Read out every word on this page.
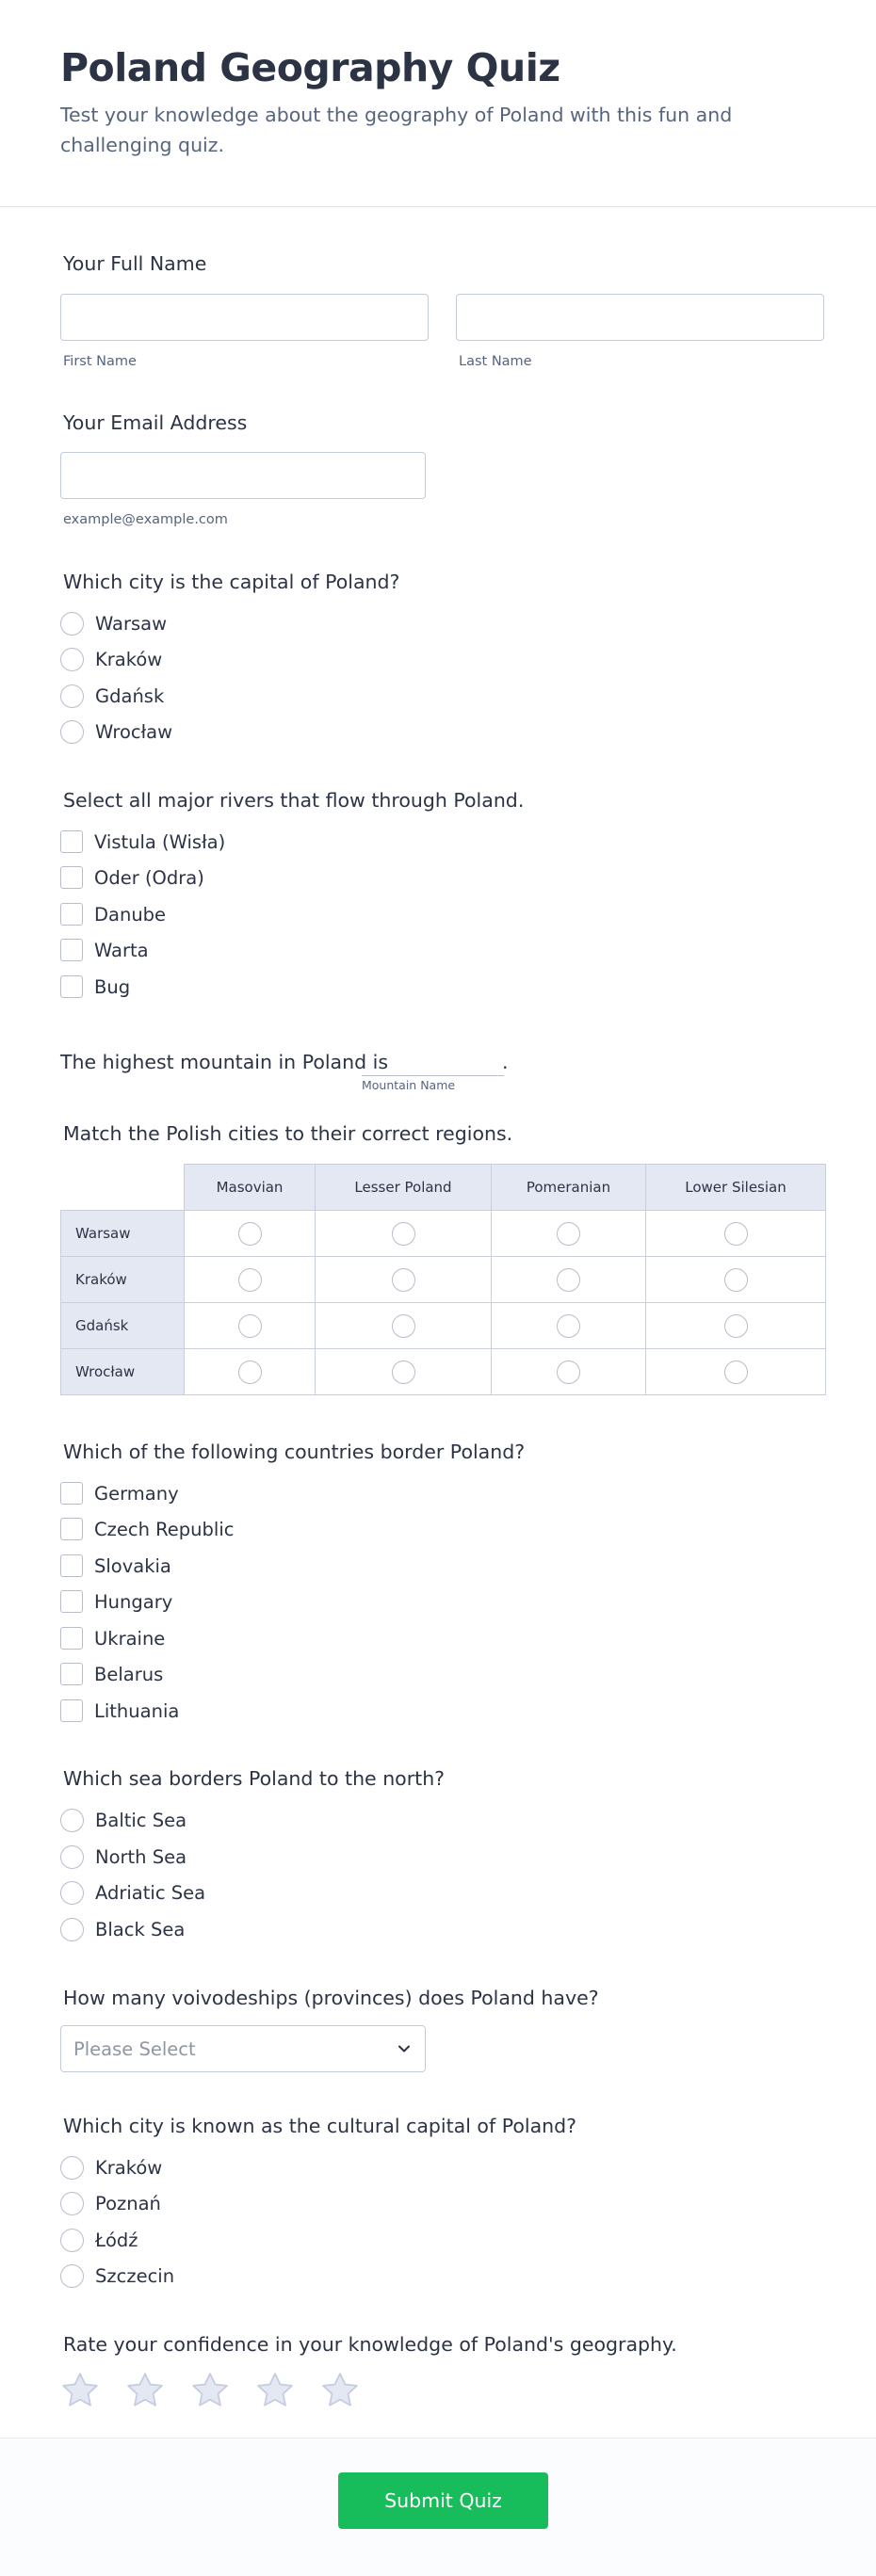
Poland Geography Quiz
Test your knowledge about the geography of Poland with this fun and challenging quiz.
Your Full Name
First Name	Last Name
Your Email Address
example@example.com
Which city is the capital of Poland?
Warsaw
Kraków
Gdańsk
Wrocław
Select all major rivers that flow through Poland.
Vistula (Wisła)
Oder (Odra)
Danube
Warta
Bug
The highest mountain in Poland is	.
Mountain Name
Match the Polish cities to their correct regions.
	Masovian	Lesser Poland	Pomeranian	Lower Silesian
Warsaw				
Kraków				
Gdańsk				
Wrocław				
Which of the following countries border Poland?
Germany
Czech Republic
Slovakia
Hungary
Ukraine
Belarus
Lithuania
Which sea borders Poland to the north?
Baltic Sea
North Sea
Adriatic Sea
Black Sea
How many voivodeships (provinces) does Poland have?
Please Select
Which city is known as the cultural capital of Poland?
Kraków
Poznań
Łódź
Szczecin
Rate your confidence in your knowledge of Poland's geography.
Submit Quiz
